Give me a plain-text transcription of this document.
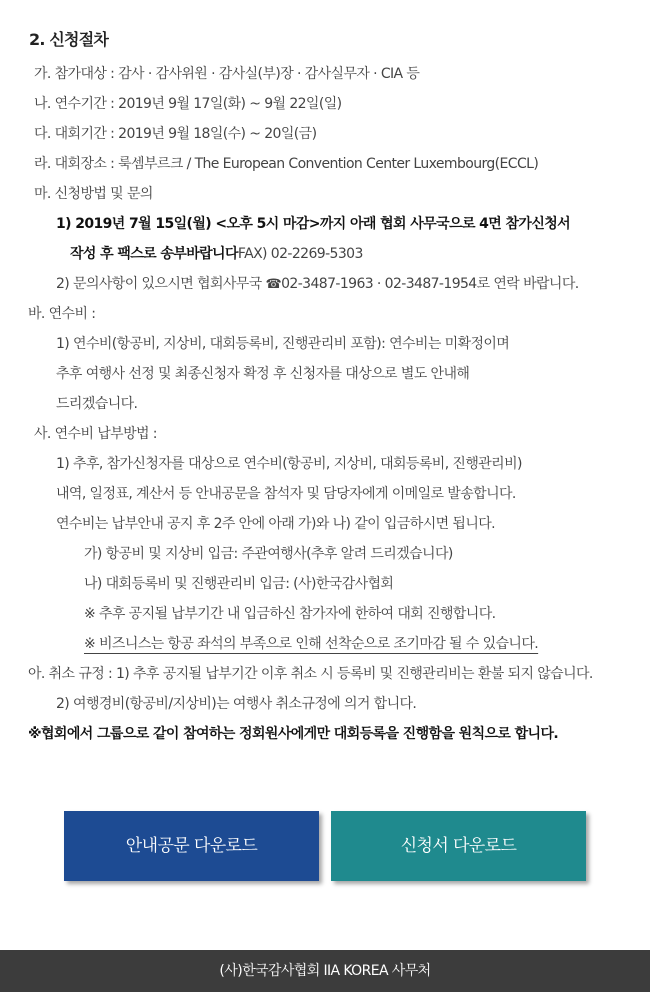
2. 신청절차
가. 참가대상 : 감사 · 감사위원 · 감사실(부)장 · 감사실무자 · CIA 등
나. 연수기간 : 2019년 9월 17일(화) ~ 9월 22일(일)
다. 대회기간 : 2019년 9월 18일(수) ~ 20일(금)
라. 대회장소 : 룩셈부르크 / The European Convention Center Luxembourg(ECCL)
마. 신청방법 및 문의
1) 2019년 7월 15일(월) <오후 5시 마감>까지 아래 협회 사무국으로 4면 참가신청서
작성 후 팩스로 송부바랍니다FAX) 02-2269-5303
2) 문의사항이 있으시면 협회사무국 ☎02-3487-1963 · 02-3487-1954로 연락 바랍니다.
바. 연수비 :
1) 연수비(항공비, 지상비, 대회등록비, 진행관리비 포함): 연수비는 미확정이며
추후 여행사 선정 및 최종신청자 확정 후 신청자를 대상으로 별도 안내해
드리겠습니다.
사. 연수비 납부방법 :
1) 추후, 참가신청자를 대상으로 연수비(항공비, 지상비, 대회등록비, 진행관리비)
내역, 일정표, 계산서 등 안내공문을 참석자 및 담당자에게 이메일로 발송합니다.
연수비는 납부안내 공지 후 2주 안에 아래 가)와 나) 같이 입금하시면 됩니다.
가) 항공비 및 지상비 입금: 주관여행사(추후 알려 드리겠습니다)
나) 대회등록비 및 진행관리비 입금: (사)한국감사협회
※ 추후 공지될 납부기간 내 입금하신 참가자에 한하여 대회 진행합니다.
※ 비즈니스는 항공 좌석의 부족으로 인해 선착순으로 조기마감 될 수 있습니다.
아. 취소 규정 : 1) 추후 공지될 납부기간 이후 취소 시 등록비 및 진행관리비는 환불 되지 않습니다.
2) 여행경비(항공비/지상비)는 여행사 취소규정에 의거 합니다.
※협회에서 그룹으로 같이 참여하는 정회원사에게만 대회등록을 진행함을 원칙으로 합니다.
안내공문 다운로드	신청서 다운로드
(사)한국감사협회 IIA KOREA 사무처
